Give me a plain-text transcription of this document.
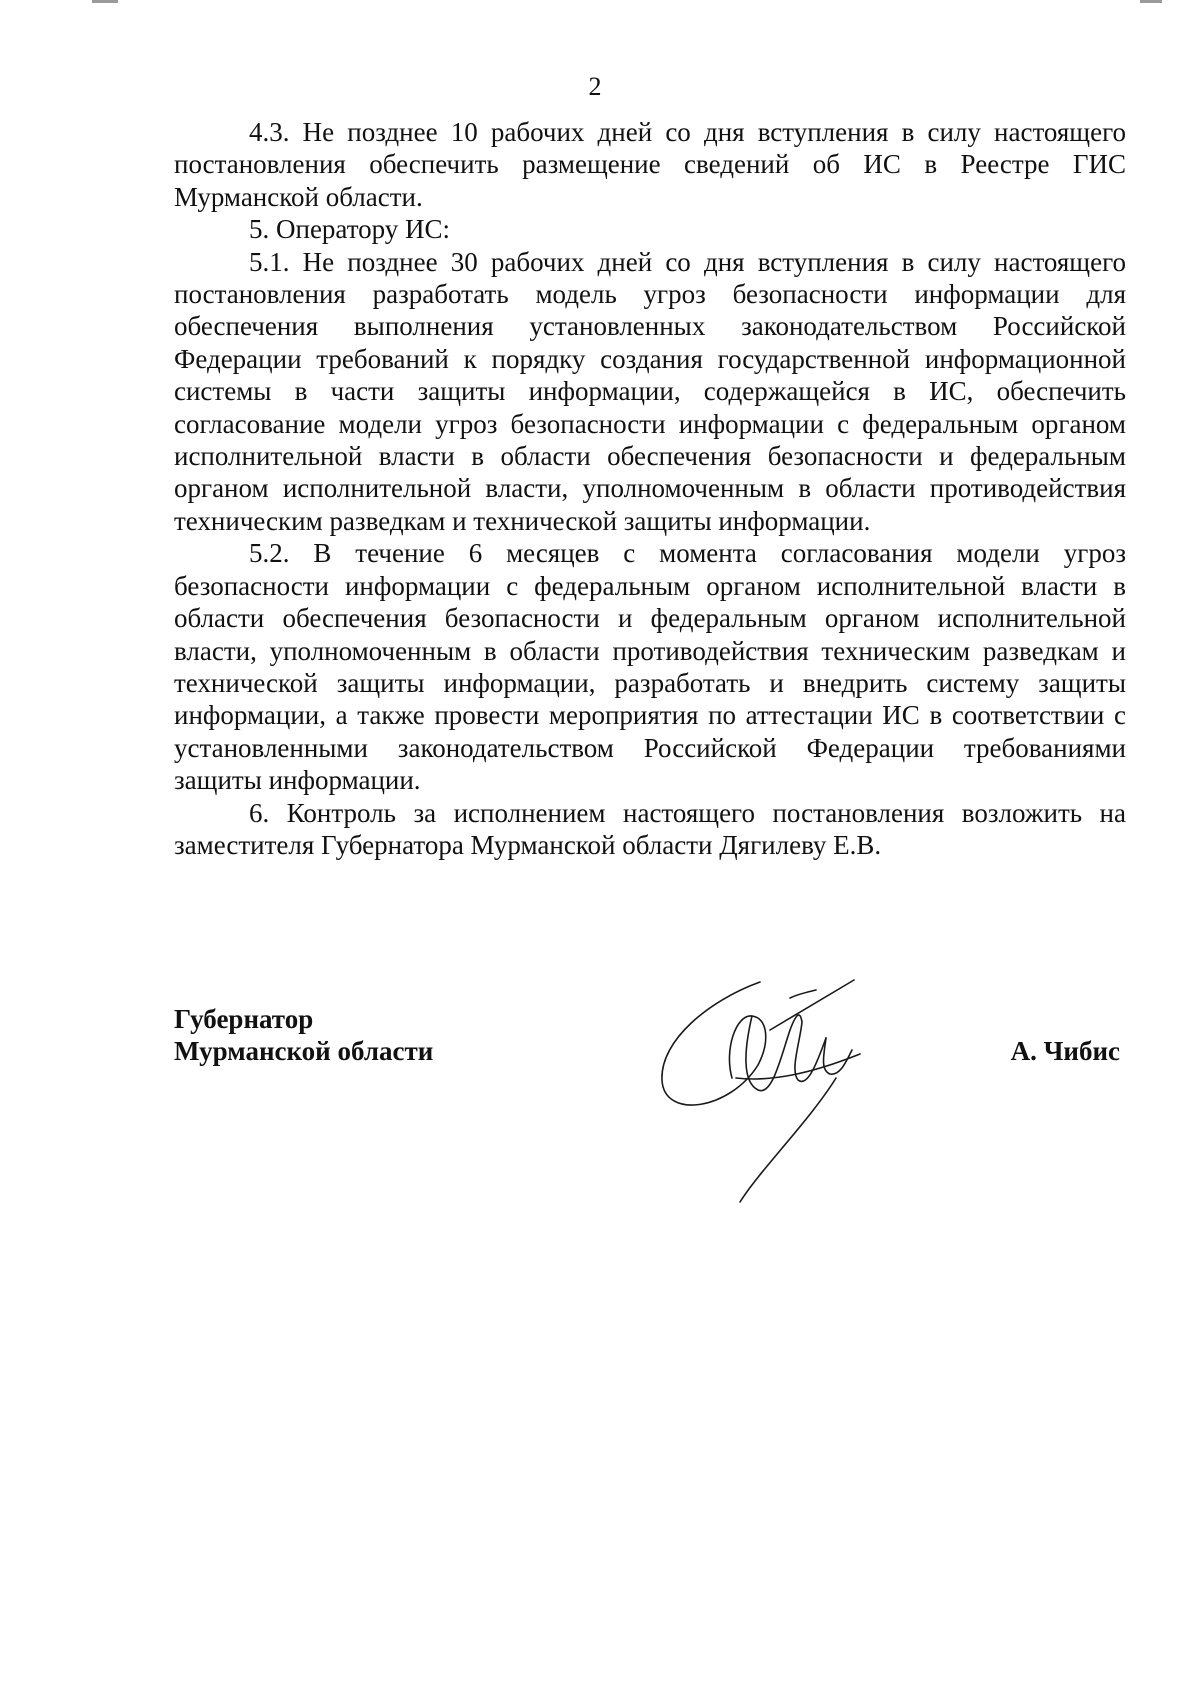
2

4.3. Не позднее 10 рабочих дней со дня вступления в силу настоящего постановления обеспечить размещение сведений об ИС в Реестре ГИС Мурманской области.

5. Оператору ИС:

5.1. Не позднее 30 рабочих дней со дня вступления в силу настоящего постановления разработать модель угроз безопасности информации для обеспечения выполнения установленных законодательством Российской Федерации требований к порядку создания государственной информационной системы в части защиты информации, содержащейся в ИС, обеспечить согласование модели угроз безопасности информации с федеральным органом исполнительной власти в области обеспечения безопасности и федеральным органом исполнительной власти, уполномоченным в области противодействия техническим разведкам и технической защиты информации.

5.2. В течение 6 месяцев с момента согласования модели угроз безопасности информации с федеральным органом исполнительной власти в области обеспечения безопасности и федеральным органом исполнительной власти, уполномоченным в области противодействия техническим разведкам и технической защиты информации, разработать и внедрить систему защиты информации, а также провести мероприятия по аттестации ИС в соответствии с установленными законодательством Российской Федерации требованиями защиты информации.

6. Контроль за исполнением настоящего постановления возложить на заместителя Губернатора Мурманской области Дягилеву Е.В.

Губернатор
Мурманской области	А. Чибис
